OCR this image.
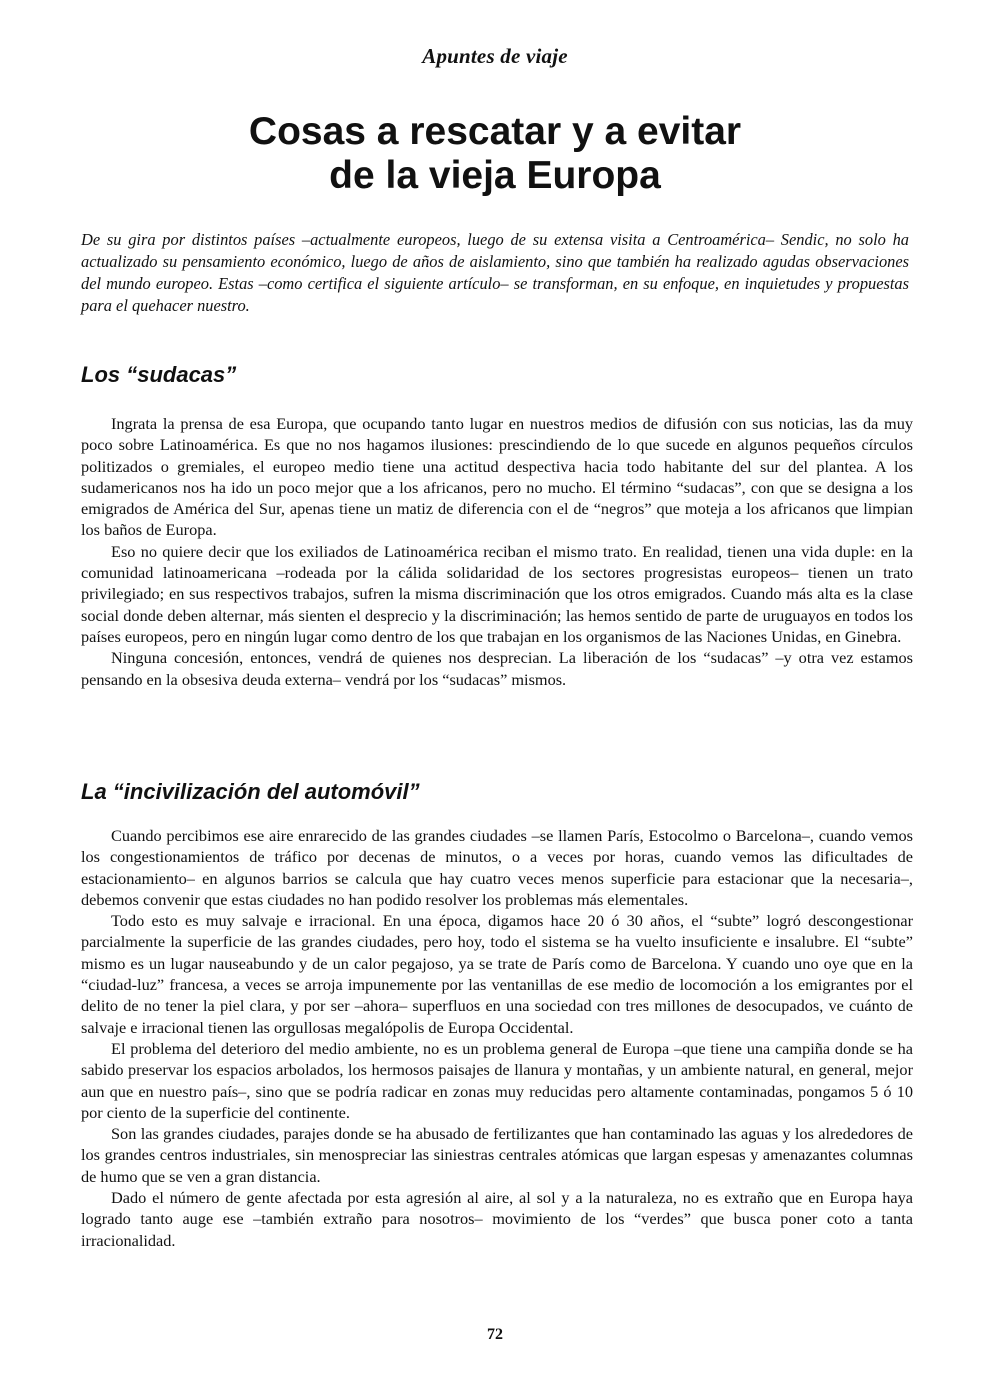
Apuntes de viaje
Cosas a rescatar y a evitar
de la vieja Europa

De su gira por distintos países –actualmente europeos, luego de su extensa visita a Centroamérica– Sendic, no solo ha actualizado su pensamiento económico, luego de años de aislamiento, sino que también ha realizado agudas observaciones del mundo europeo. Estas –como certifica el siguiente artículo– se transforman, en su enfoque, en inquietudes y propuestas para el quehacer nuestro.

Los “sudacas”

Ingrata la prensa de esa Europa, que ocupando tanto lugar en nuestros medios de difusión con sus noticias, las da muy poco sobre Latinoamérica. Es que no nos hagamos ilusiones: prescindiendo de lo que sucede en algunos pequeños círculos politizados o gremiales, el europeo medio tiene una actitud despectiva hacia todo habitante del sur del plantea. A los sudamericanos nos ha ido un poco mejor que a los africanos, pero no mucho. El término “sudacas”, con que se designa a los emigrados de América del Sur, apenas tiene un matiz de diferencia con el de “negros” que moteja a los africanos que limpian los baños de Europa.

Eso no quiere decir que los exiliados de Latinoamérica reciban el mismo trato. En realidad, tienen una vida duple: en la comunidad latinoamericana –rodeada por la cálida solidaridad de los sectores progresistas europeos– tienen un trato privilegiado; en sus respectivos trabajos, sufren la misma discriminación que los otros emigrados. Cuando más alta es la clase social donde deben alternar, más sienten el desprecio y la discriminación; las hemos sentido de parte de uruguayos en todos los países europeos, pero en ningún lugar como dentro de los que trabajan en los organismos de las Naciones Unidas, en Ginebra.

Ninguna concesión, entonces, vendrá de quienes nos desprecian. La liberación de los “sudacas” –y otra vez estamos pensando en la obsesiva deuda externa– vendrá por los “sudacas” mismos.

La “incivilización del automóvil”

Cuando percibimos ese aire enrarecido de las grandes ciudades –se llamen París, Estocolmo o Barcelona–, cuando vemos los congestionamientos de tráfico por decenas de minutos, o a veces por horas, cuando vemos las dificultades de estacionamiento– en algunos barrios se calcula que hay cuatro veces menos superficie para estacionar que la necesaria–, debemos convenir que estas ciudades no han podido resolver los problemas más elementales.

Todo esto es muy salvaje e irracional. En una época, digamos hace 20 ó 30 años, el “subte” logró descongestionar parcialmente la superficie de las grandes ciudades, pero hoy, todo el sistema se ha vuelto insuficiente e insalubre. El “subte” mismo es un lugar nauseabundo y de un calor pegajoso, ya se trate de París como de Barcelona. Y cuando uno oye que en la “ciudad-luz” francesa, a veces se arroja impunemente por las ventanillas de ese medio de locomoción a los emigrantes por el delito de no tener la piel clara, y por ser –ahora– superfluos en una sociedad con tres millones de desocupados, ve cuánto de salvaje e irracional tienen las orgullosas megalópolis de Europa Occidental.

El problema del deterioro del medio ambiente, no es un problema general de Europa –que tiene una campiña donde se ha sabido preservar los espacios arbolados, los hermosos paisajes de llanura y montañas, y un ambiente natural, en general, mejor aun que en nuestro país–, sino que se podría radicar en zonas muy reducidas pero altamente contaminadas, pongamos 5 ó 10 por ciento de la superficie del continente.

Son las grandes ciudades, parajes donde se ha abusado de fertilizantes que han contaminado las aguas y los alrededores de los grandes centros industriales, sin menospreciar las siniestras centrales atómicas que largan espesas y amenazantes columnas de humo que se ven a gran distancia.

Dado el número de gente afectada por esta agresión al aire, al sol y a la naturaleza, no es extraño que en Europa haya logrado tanto auge ese –también extraño para nosotros– movimiento de los “verdes” que busca poner coto a tanta irracionalidad.

72
